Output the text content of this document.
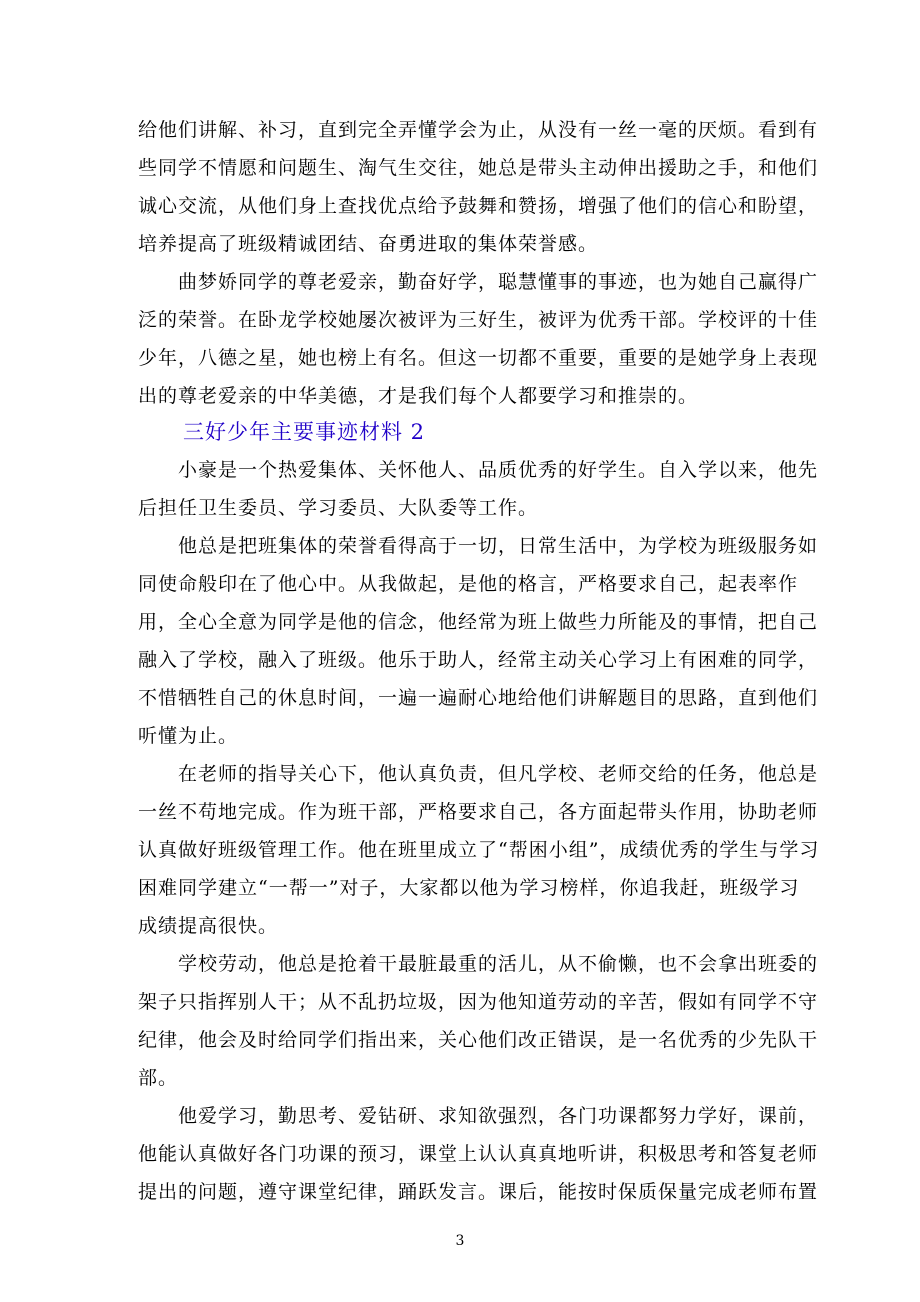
给他们讲解、补习，直到完全弄懂学会为止，从没有一丝一毫的厌烦。看到有
些同学不情愿和问题生、淘气生交往，她总是带头主动伸出援助之手，和他们
诚心交流，从他们身上查找优点给予鼓舞和赞扬，增强了他们的信心和盼望，
培养提高了班级精诚团结、奋勇进取的集体荣誉感。
曲梦娇同学的尊老爱亲，勤奋好学，聪慧懂事的事迹，也为她自己赢得广
泛的荣誉。在卧龙学校她屡次被评为三好生，被评为优秀干部。学校评的十佳
少年，八德之星，她也榜上有名。但这一切都不重要，重要的是她学身上表现
出的尊老爱亲的中华美德，才是我们每个人都要学习和推崇的。
三好少年主要事迹材料 2
小豪是一个热爱集体、关怀他人、品质优秀的好学生。自入学以来，他先
后担任卫生委员、学习委员、大队委等工作。
他总是把班集体的荣誉看得高于一切，日常生活中，为学校为班级服务如
同使命般印在了他心中。从我做起，是他的格言，严格要求自己，起表率作
用，全心全意为同学是他的信念，他经常为班上做些力所能及的事情，把自己
融入了学校，融入了班级。他乐于助人，经常主动关心学习上有困难的同学，
不惜牺牲自己的休息时间，一遍一遍耐心地给他们讲解题目的思路，直到他们
听懂为止。
在老师的指导关心下，他认真负责，但凡学校、老师交给的任务，他总是
一丝不苟地完成。作为班干部，严格要求自己，各方面起带头作用，协助老师
认真做好班级管理工作。他在班里成立了“帮困小组”，成绩优秀的学生与学习
困难同学建立“一帮一”对子，大家都以他为学习榜样，你追我赶，班级学习
成绩提高很快。
学校劳动，他总是抢着干最脏最重的活儿，从不偷懒，也不会拿出班委的
架子只指挥别人干；从不乱扔垃圾，因为他知道劳动的辛苦，假如有同学不守
纪律，他会及时给同学们指出来，关心他们改正错误，是一名优秀的少先队干
部。
他爱学习，勤思考、爱钻研、求知欲强烈，各门功课都努力学好，课前，
他能认真做好各门功课的预习，课堂上认认真真地听讲，积极思考和答复老师
提出的问题，遵守课堂纪律，踊跃发言。课后，能按时保质保量完成老师布置
3
